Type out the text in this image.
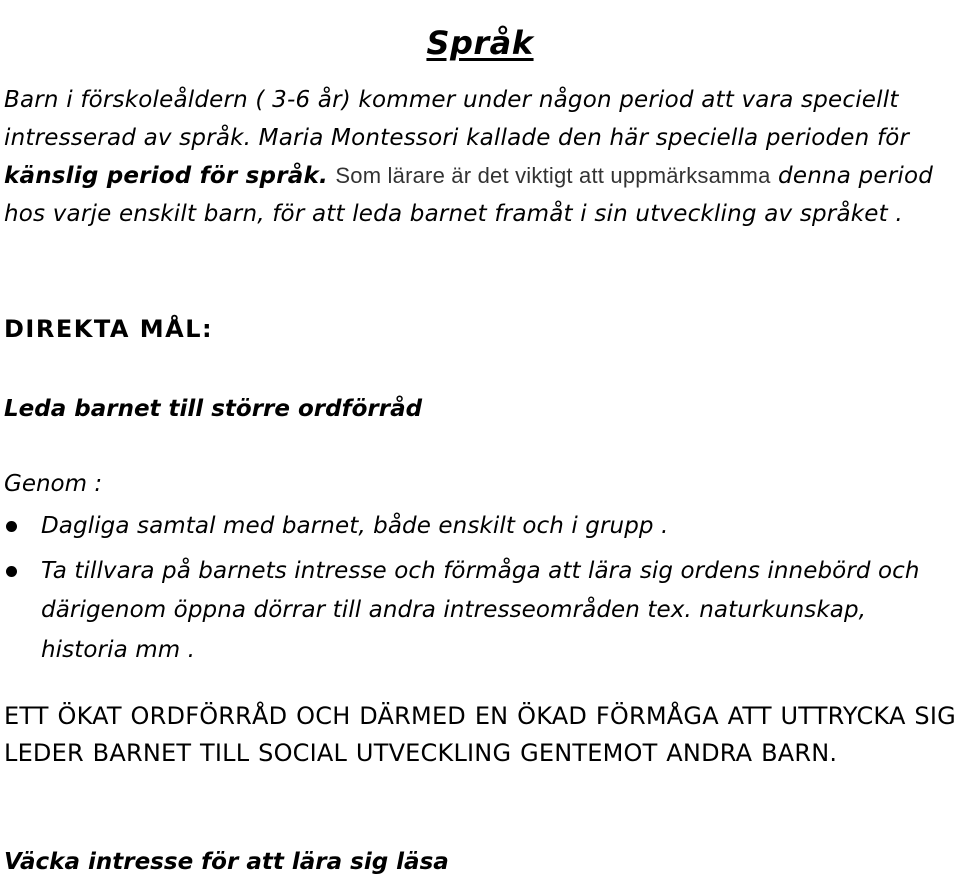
Språk

Barn i förskoleåldern ( 3-6 år) kommer under någon period att vara speciellt intresserad av språk. Maria Montessori kallade den här speciella perioden för känslig period för språk. Som lärare är det viktigt att uppmärksamma denna period hos varje enskilt barn, för att leda barnet framåt i sin utveckling av språket .

DIREKTA MÅL:
Leda barnet till större ordförråd

Genom :

Dagliga samtal med barnet, både enskilt och i grupp .
Ta tillvara på barnets intresse och förmåga att lära sig ordens innebörd och därigenom öppna dörrar till andra intresseområden tex. naturkunskap, historia mm .

ETT ÖKAT ORDFÖRRÅD OCH DÄRMED EN ÖKAD FÖRMÅGA ATT UTTRYCKA SIG LEDER BARNET TILL SOCIAL UTVECKLING GENTEMOT ANDRA BARN.

Väcka intresse för att lära sig läsa
